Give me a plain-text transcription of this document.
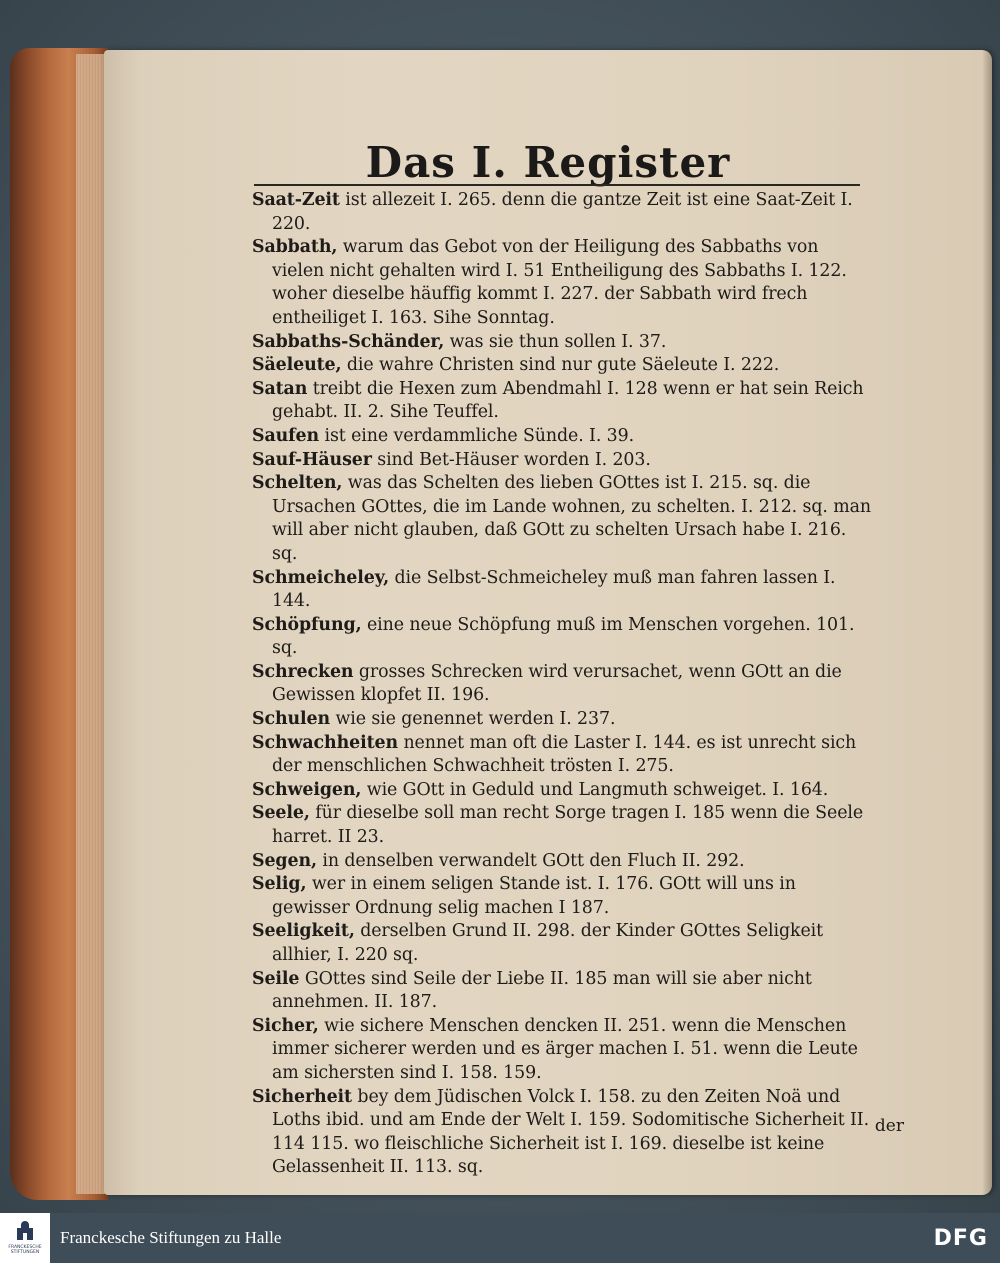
Das I. Register
Saat-Zeit ist allezeit I. 265. denn die gantze Zeit ist eine Saat-Zeit I. 220.
Sabbath, warum das Gebot von der Heiligung des Sabbaths von vielen nicht gehalten wird I. 51 Entheiligung des Sabbaths I. 122. woher dieselbe häuffig kommt I. 227. der Sabbath wird frech entheiliget I. 163. Sihe Sonntag.
Sabbaths-Schänder, was sie thun sollen I. 37.
Säeleute, die wahre Christen sind nur gute Säeleute I. 222.
Satan treibt die Hexen zum Abendmahl I. 128 wenn er hat sein Reich gehabt. II. 2. Sihe Teuffel.
Saufen ist eine verdammliche Sünde. I. 39.
Sauf-Häuser sind Bet-Häuser worden I. 203.
Schelten, was das Schelten des lieben GOttes ist I. 215. sq. die Ursachen GOttes, die im Lande wohnen, zu schelten. I. 212. sq. man will aber nicht glauben, daß GOtt zu schelten Ursach habe I. 216. sq.
Schmeicheley, die Selbst-Schmeicheley muß man fahren lassen I. 144.
Schöpfung, eine neue Schöpfung muß im Menschen vorgehen. 101. sq.
Schrecken grosses Schrecken wird verursachet, wenn GOtt an die Gewissen klopfet II. 196.
Schulen wie sie genennet werden I. 237.
Schwachheiten nennet man oft die Laster I. 144. es ist unrecht sich der menschlichen Schwachheit trösten I. 275.
Schweigen, wie GOtt in Geduld und Langmuth schweiget. I. 164.
Seele, für dieselbe soll man recht Sorge tragen I. 185 wenn die Seele harret. II 23.
Segen, in denselben verwandelt GOtt den Fluch II. 292.
Selig, wer in einem seligen Stande ist. I. 176. GOtt will uns in gewisser Ordnung selig machen I 187.
Seeligkeit, derselben Grund II. 298. der Kinder GOttes Seligkeit allhier, I. 220 sq.
Seile GOttes sind Seile der Liebe II. 185 man will sie aber nicht annehmen. II. 187.
Sicher, wie sichere Menschen dencken II. 251. wenn die Menschen immer sicherer werden und es ärger machen I. 51. wenn die Leute am sichersten sind I. 158. 159.
Sicherheit bey dem Jüdischen Volck I. 158. zu den Zeiten Noä und Loths ibid. und am Ende der Welt I. 159. Sodomitische Sicherheit II. 114 115. wo fleischliche Sicherheit ist I. 169. dieselbe ist keine Gelassenheit II. 113. sq.
der
FRANCKESCHE STIFTUNGEN
Franckesche Stiftungen zu Halle	DFG
